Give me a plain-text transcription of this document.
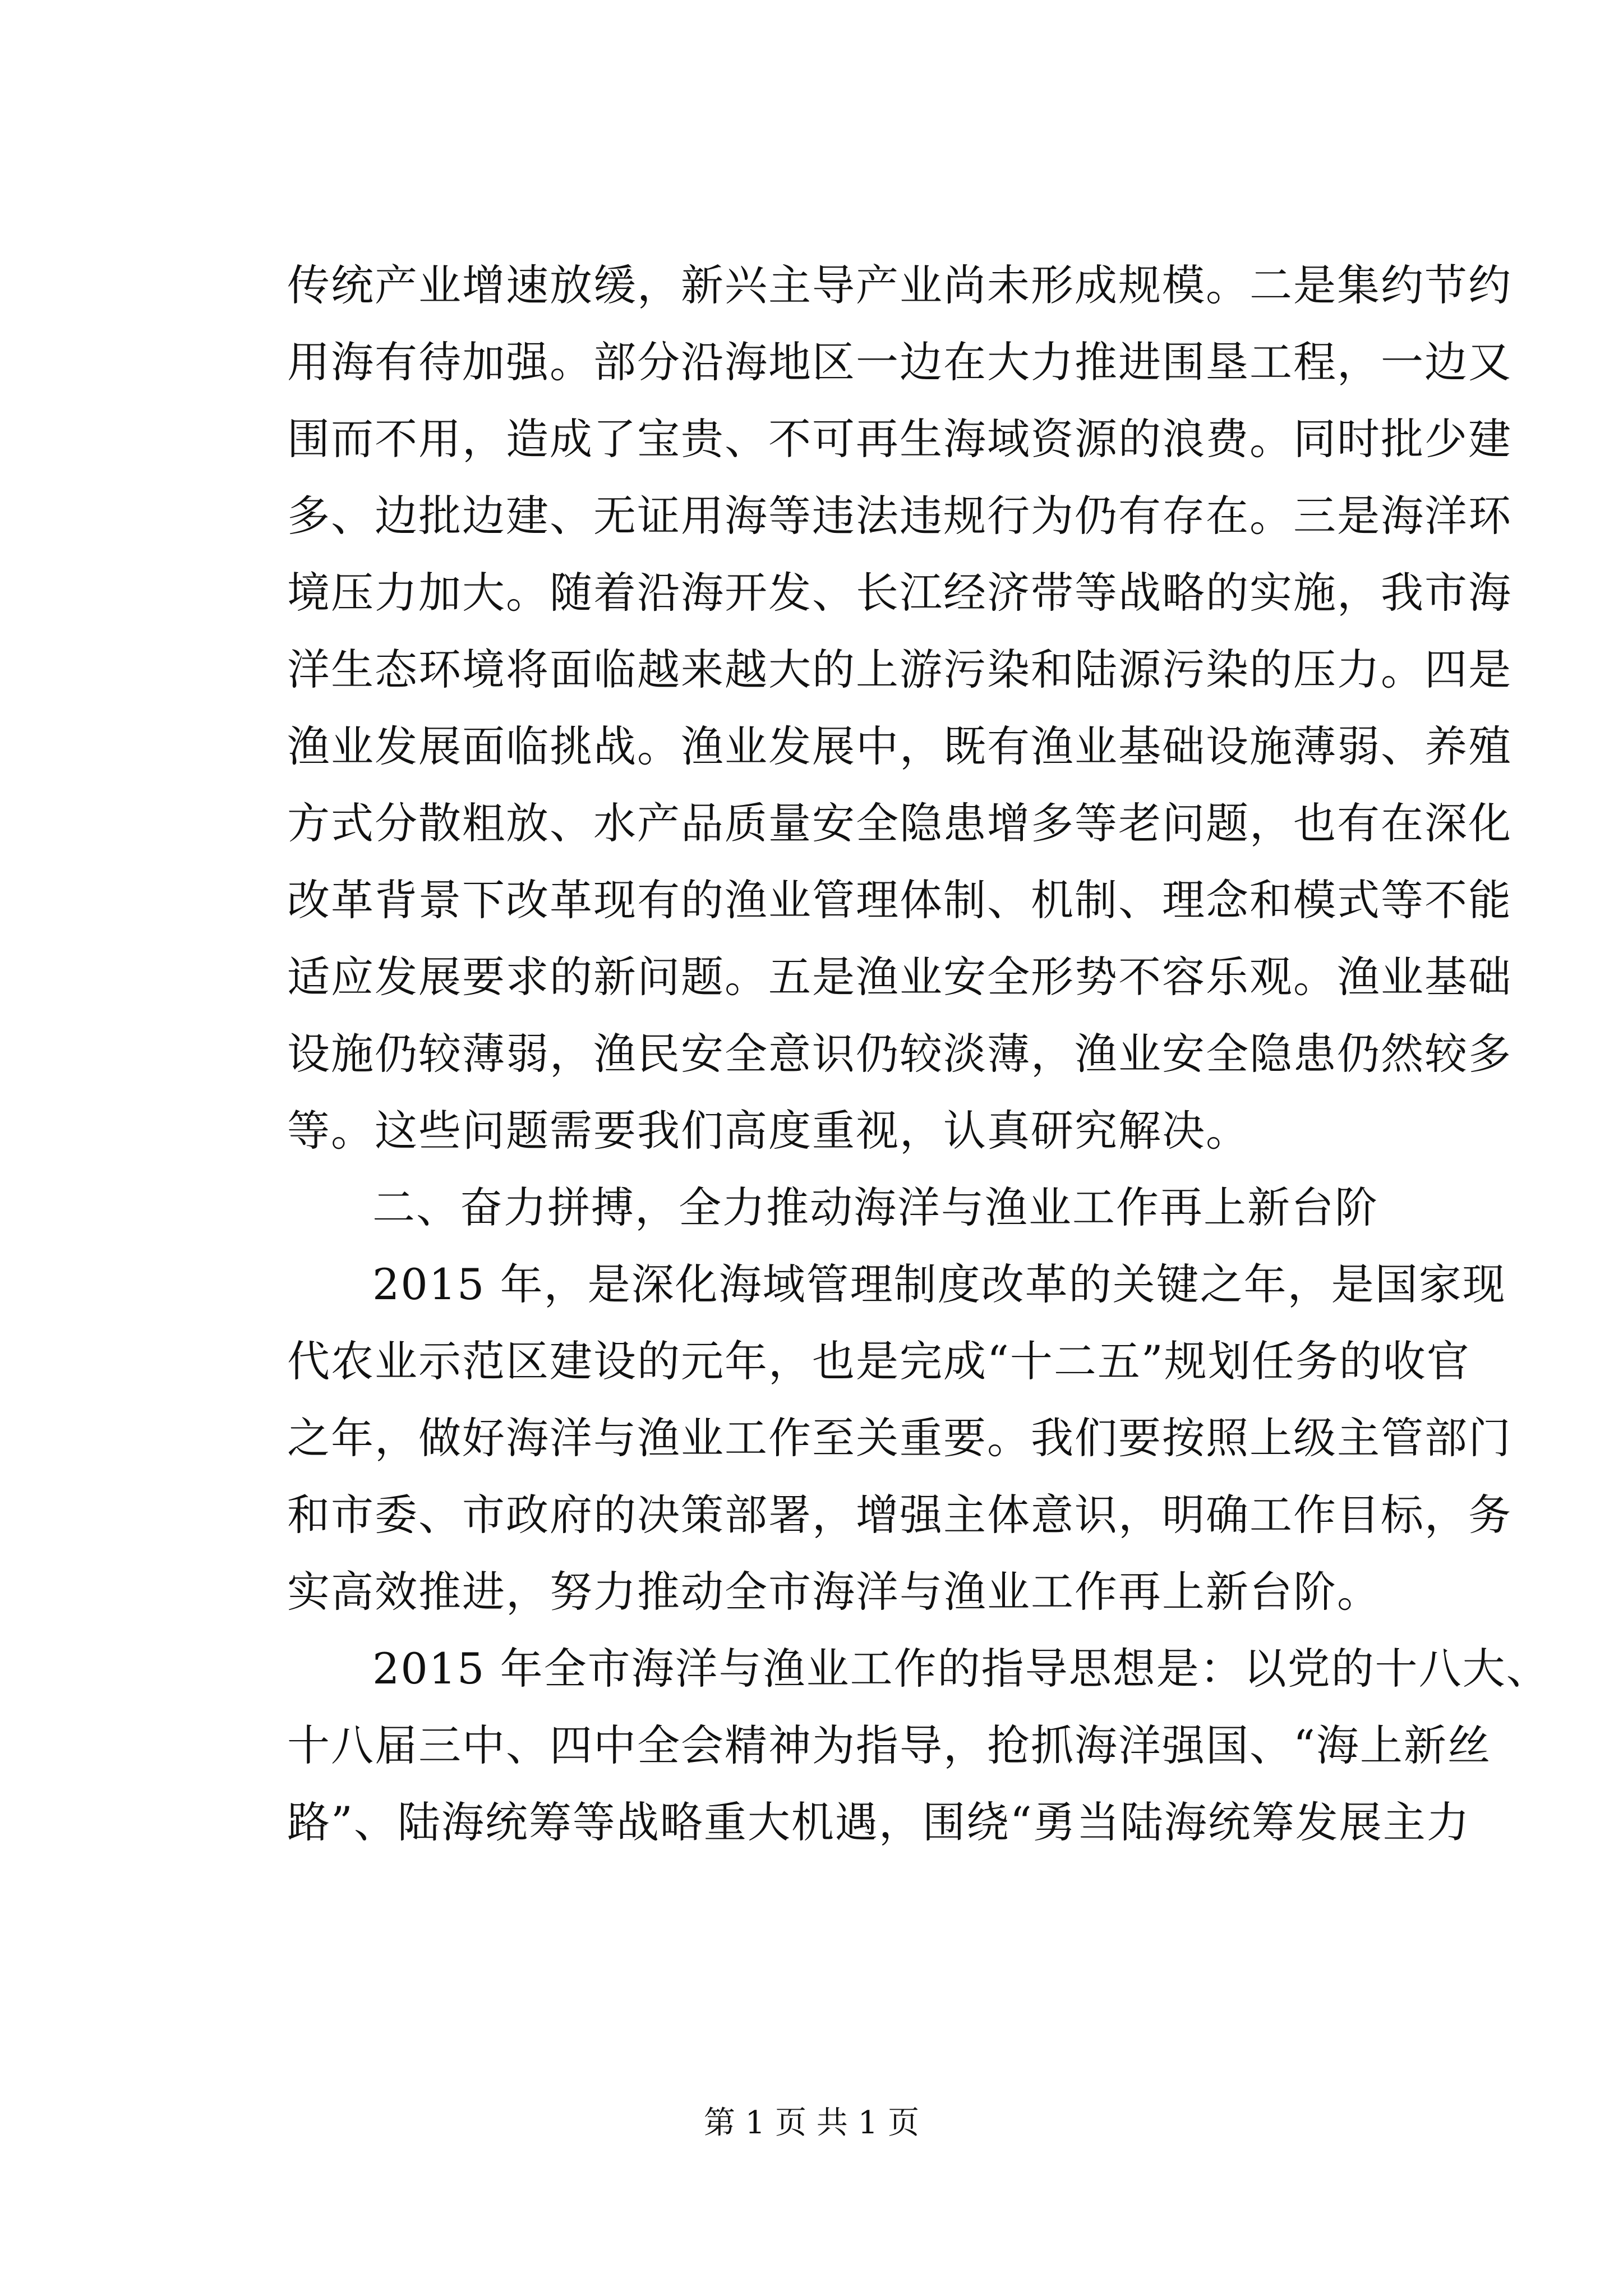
传统产业增速放缓，新兴主导产业尚未形成规模。二是集约节约
用海有待加强。部分沿海地区一边在大力推进围垦工程，一边又
围而不用，造成了宝贵、不可再生海域资源的浪费。同时批少建
多、边批边建、无证用海等违法违规行为仍有存在。三是海洋环
境压力加大。随着沿海开发、长江经济带等战略的实施，我市海
洋生态环境将面临越来越大的上游污染和陆源污染的压力。四是
渔业发展面临挑战。渔业发展中，既有渔业基础设施薄弱、养殖
方式分散粗放、水产品质量安全隐患增多等老问题，也有在深化
改革背景下改革现有的渔业管理体制、机制、理念和模式等不能
适应发展要求的新问题。五是渔业安全形势不容乐观。渔业基础
设施仍较薄弱，渔民安全意识仍较淡薄，渔业安全隐患仍然较多
等。这些问题需要我们高度重视，认真研究解决。
二、奋力拼搏，全力推动海洋与渔业工作再上新台阶
2015 年，是深化海域管理制度改革的关键之年，是国家现
代农业示范区建设的元年，也是完成“十二五”规划任务的收官
之年，做好海洋与渔业工作至关重要。我们要按照上级主管部门
和市委、市政府的决策部署，增强主体意识，明确工作目标，务
实高效推进，努力推动全市海洋与渔业工作再上新台阶。
2015 年全市海洋与渔业工作的指导思想是：以党的十八大、
十八届三中、四中全会精神为指导，抢抓海洋强国、“海上新丝
路”、陆海统筹等战略重大机遇，围绕“勇当陆海统筹发展主力
第 1 页 共 1 页
